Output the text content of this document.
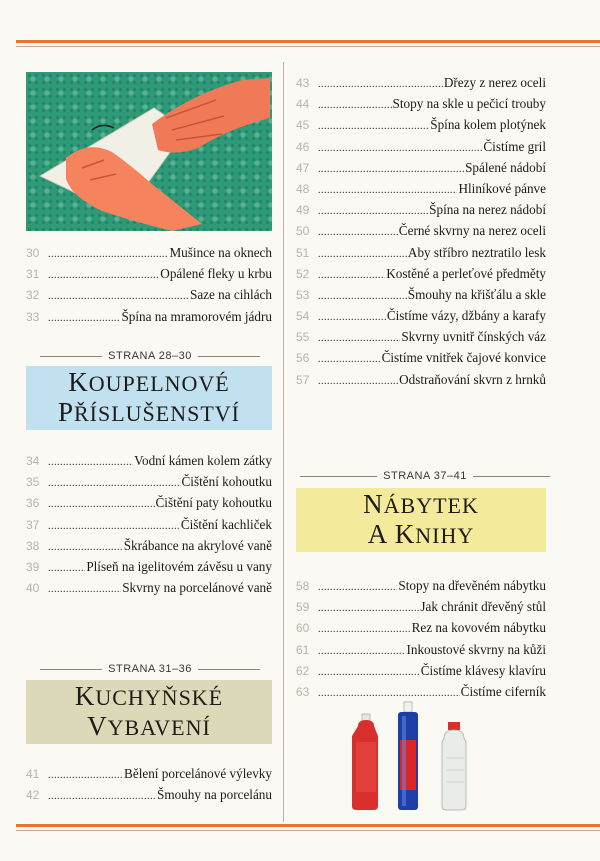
30 .....	Mušince na oknech
31 .....	Opálené fleky u krbu
32 .....	Saze na cihlách
33 .....	Špína na mramorovém jádru
STRANA 28–30
KOUPELNOVÉ
PŘÍSLUŠENSTVÍ
34 .....	Vodní kámen kolem zátky
35 .....	Čištění kohoutku
36 .....	Čištění paty kohoutku
37 .....	Čištění kachliček
38 .....	Škrábance na akrylové vaně
39 .....	Plíseň na igelitovém závěsu u vany
40 .....	Skvrny na porcelánové vaně
STRANA 31–36
KUCHYŇSKÉ
VYBAVENÍ
41 .....	Bělení porcelánové výlevky
42 .....	Šmouhy na porcelánu
43 .....	Dřezy z nerez oceli
44 .....	Stopy na skle u pečicí trouby
45 .....	Špína kolem plotýnek
46 .....	Čistíme gril
47 .....	Spálené nádobí
48 .....	Hliníkové pánve
49 .....	Špína na nerez nádobí
50 .....	Černé skvrny na nerez oceli
51 .....	Aby stříbro neztratilo lesk
52 .....	Kostěné a perleťové předměty
53 .....	Šmouhy na křišťálu a skle
54 .....	Čistíme vázy, džbány a karafy
55 .....	Skvrny uvnitř čínských váz
56 .....	Čistíme vnitřek čajové konvice
57 .....	Odstraňování skvrn z hrnků
STRANA 37–41
NÁBYTEK
A KNIHY
58 .....	Stopy na dřevěném nábytku
59 .....	Jak chránit dřevěný stůl
60 .....	Rez na kovovém nábytku
61 .....	Inkoustové skvrny na kůži
62 .....	Čistíme klávesy klavíru
63 .....	Čistíme ciferník
